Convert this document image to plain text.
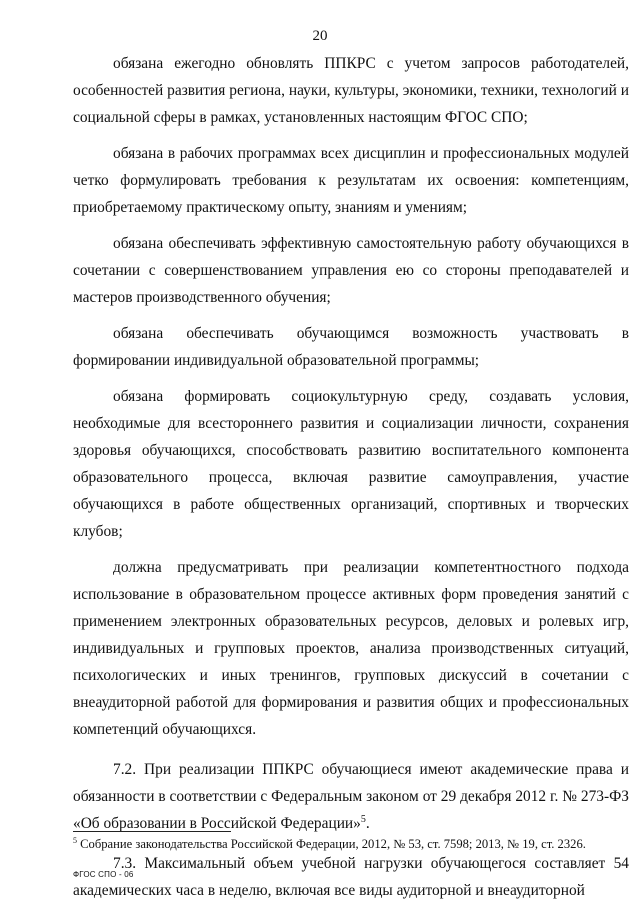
20

обязана ежегодно обновлять ППКРС с учетом запросов работодателей, особенностей развития региона, науки, культуры, экономики, техники, технологий и социальной сферы в рамках, установленных настоящим ФГОС СПО;

обязана в рабочих программах всех дисциплин и профессиональных модулей четко формулировать требования к результатам их освоения: компетенциям, приобретаемому практическому опыту, знаниям и умениям;

обязана обеспечивать эффективную самостоятельную работу обучающихся в сочетании с совершенствованием управления ею со стороны преподавателей и мастеров производственного обучения;

обязана обеспечивать обучающимся возможность участвовать в формировании индивидуальной образовательной программы;

обязана формировать социокультурную среду, создавать условия, необходимые для всестороннего развития и социализации личности, сохранения здоровья обучающихся, способствовать развитию воспитательного компонента образовательного процесса, включая развитие самоуправления, участие обучающихся в работе общественных организаций, спортивных и творческих клубов;

должна предусматривать при реализации компетентностного подхода использование в образовательном процессе активных форм проведения занятий с применением электронных образовательных ресурсов, деловых и ролевых игр, индивидуальных и групповых проектов, анализа производственных ситуаций, психологических и иных тренингов, групповых дискуссий в сочетании с внеаудиторной работой для формирования и развития общих и профессиональных компетенций обучающихся.

7.2. При реализации ППКРС обучающиеся имеют академические права и обязанности в соответствии с Федеральным законом от 29 декабря 2012 г. № 273-ФЗ «Об образовании в Российской Федерации»$^5$.

7.3. Максимальный объем учебной нагрузки обучающегося составляет 54 академических часа в неделю, включая все виды аудиторной и внеаудиторной

$^5$ Собрание законодательства Российской Федерации, 2012, № 53, ст. 7598; 2013, № 19, ст. 2326.
ФГОС СПО - 06
